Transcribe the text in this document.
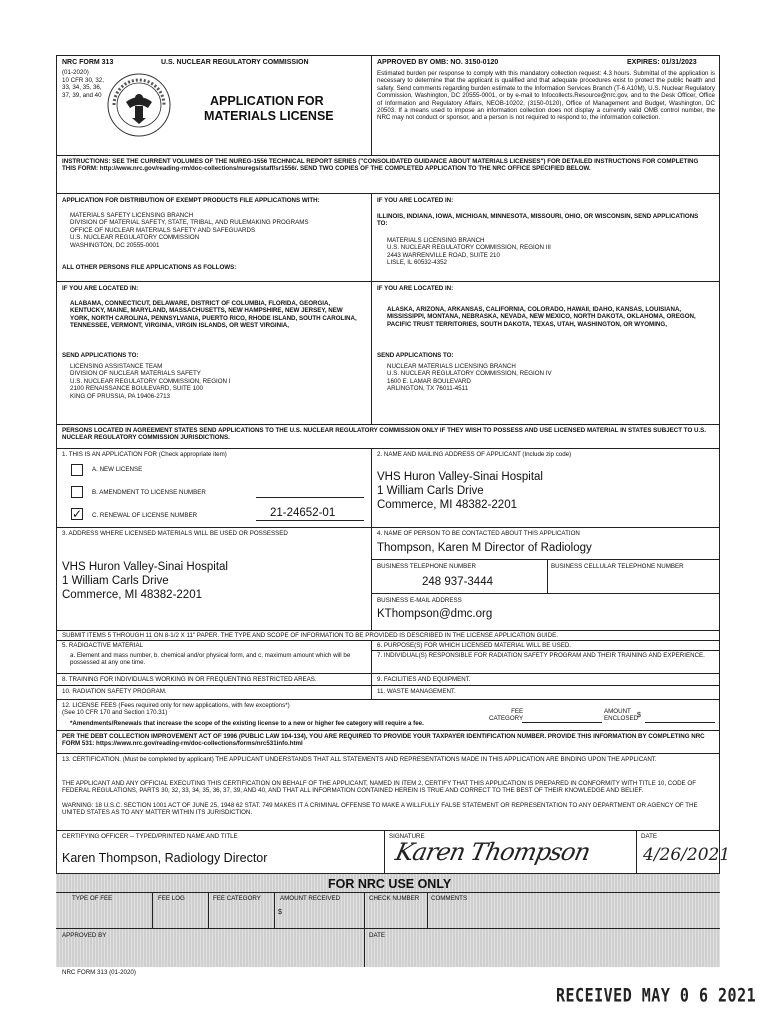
NRC FORM 313	U.S. NUCLEAR REGULATORY COMMISSION
(01-2020)
10 CFR 30, 32,
33, 34, 35, 36,
37, 39, and 40	APPLICATION FOR
MATERIALS LICENSE
APPROVED BY OMB: NO. 3150-0120	EXPIRES: 01/31/2023
Estimated burden per response to comply with this mandatory collection request: 4.3 hours. Submittal of the application is necessary to determine that the applicant is qualified and that adequate procedures exist to protect the public health and safety. Send comments regarding burden estimate to the Information Services Branch (T-6 A10M), U.S. Nuclear Regulatory Commission, Washington, DC 20555-0001, or by e-mail to Infocollects.Resource@nrc.gov, and to the Desk Officer, Office of Information and Regulatory Affairs, NEOB-10202, (3150-0120), Office of Management and Budget, Washington, DC 20503. If a means used to impose an information collection does not display a currently valid OMB control number, the NRC may not conduct or sponsor, and a person is not required to respond to, the information collection.
INSTRUCTIONS: SEE THE CURRENT VOLUMES OF THE NUREG-1556 TECHNICAL REPORT SERIES ("CONSOLIDATED GUIDANCE ABOUT MATERIALS LICENSES") FOR DETAILED INSTRUCTIONS FOR COMPLETING THIS FORM: http://www.nrc.gov/reading-rm/doc-collections/nuregs/staff/sr1556/. SEND TWO COPIES OF THE COMPLETED APPLICATION TO THE NRC OFFICE SPECIFIED BELOW.
APPLICATION FOR DISTRIBUTION OF EXEMPT PRODUCTS FILE APPLICATIONS WITH:
MATERIALS SAFETY LICENSING BRANCH
DIVISION OF MATERIAL SAFETY, STATE, TRIBAL, AND RULEMAKING PROGRAMS
OFFICE OF NUCLEAR MATERIALS SAFETY AND SAFEGUARDS
U.S. NUCLEAR REGULATORY COMMISSION
WASHINGTON, DC 20555-0001
ALL OTHER PERSONS FILE APPLICATIONS AS FOLLOWS:
IF YOU ARE LOCATED IN:
ILLINOIS, INDIANA, IOWA, MICHIGAN, MINNESOTA, MISSOURI, OHIO, OR WISCONSIN, SEND APPLICATIONS TO:
MATERIALS LICENSING BRANCH
U.S. NUCLEAR REGULATORY COMMISSION, REGION III
2443 WARRENVILLE ROAD, SUITE 210
LISLE, IL 60532-4352
IF YOU ARE LOCATED IN:
ALABAMA, CONNECTICUT, DELAWARE, DISTRICT OF COLUMBIA, FLORIDA, GEORGIA, KENTUCKY, MAINE, MARYLAND, MASSACHUSETTS, NEW HAMPSHIRE, NEW JERSEY, NEW YORK, NORTH CAROLINA, PENNSYLVANIA, PUERTO RICO, RHODE ISLAND, SOUTH CAROLINA, TENNESSEE, VERMONT, VIRGINIA, VIRGIN ISLANDS, OR WEST VIRGINIA,
SEND APPLICATIONS TO:
LICENSING ASSISTANCE TEAM
DIVISION OF NUCLEAR MATERIALS SAFETY
U.S. NUCLEAR REGULATORY COMMISSION, REGION I
2100 RENAISSANCE BOULEVARD, SUITE 100
KING OF PRUSSIA, PA 19406-2713
IF YOU ARE LOCATED IN:
ALASKA, ARIZONA, ARKANSAS, CALIFORNIA, COLORADO, HAWAII, IDAHO, KANSAS, LOUISIANA, MISSISSIPPI, MONTANA, NEBRASKA, NEVADA, NEW MEXICO, NORTH DAKOTA, OKLAHOMA, OREGON, PACIFIC TRUST TERRITORIES, SOUTH DAKOTA, TEXAS, UTAH, WASHINGTON, OR WYOMING,
SEND APPLICATIONS TO:
NUCLEAR MATERIALS LICENSING BRANCH
U.S. NUCLEAR REGULATORY COMMISSION, REGION IV
1600 E. LAMAR BOULEVARD
ARLINGTON, TX 76011-4511
PERSONS LOCATED IN AGREEMENT STATES SEND APPLICATIONS TO THE U.S. NUCLEAR REGULATORY COMMISSION ONLY IF THEY WISH TO POSSESS AND USE LICENSED MATERIAL IN STATES SUBJECT TO U.S. NUCLEAR REGULATORY COMMISSION JURISDICTIONS.
1. THIS IS AN APPLICATION FOR (Check appropriate item)
A. NEW LICENSE
B. AMENDMENT TO LICENSE NUMBER
✓ C. RENEWAL OF LICENSE NUMBER	21-24652-01
2. NAME AND MAILING ADDRESS OF APPLICANT (Include zip code)
VHS Huron Valley-Sinai Hospital
1 William Carls Drive
Commerce, MI 48382-2201
3. ADDRESS WHERE LICENSED MATERIALS WILL BE USED OR POSSESSED
VHS Huron Valley-Sinai Hospital
1 William Carls Drive
Commerce, MI 48382-2201
4. NAME OF PERSON TO BE CONTACTED ABOUT THIS APPLICATION
Thompson, Karen M Director of Radiology
BUSINESS TELEPHONE NUMBER
248 937-3444
BUSINESS CELLULAR TELEPHONE NUMBER
BUSINESS E-MAIL ADDRESS
KThompson@dmc.org
SUBMIT ITEMS 5 THROUGH 11 ON 8-1/2 X 11" PAPER. THE TYPE AND SCOPE OF INFORMATION TO BE PROVIDED IS DESCRIBED IN THE LICENSE APPLICATION GUIDE.
5. RADIOACTIVE MATERIAL
a. Element and mass number, b. chemical and/or physical form, and c. maximum amount which will be possessed at any one time.
6. PURPOSE(S) FOR WHICH LICENSED MATERIAL WILL BE USED.
7. INDIVIDUAL(S) RESPONSIBLE FOR RADIATION SAFETY PROGRAM AND THEIR TRAINING AND EXPERIENCE.
8. TRAINING FOR INDIVIDUALS WORKING IN OR FREQUENTING RESTRICTED AREAS.	9. FACILITIES AND EQUIPMENT.
10. RADIATION SAFETY PROGRAM.	11. WASTE MANAGEMENT.
12. LICENSE FEES (Fees required only for new applications, with few exceptions*)
(See 10 CFR 170 and Section 170.31)
*Amendments/Renewals that increase the scope of the existing license to a new or higher fee category will require a fee.
FEE
CATEGORY
AMOUNT
ENCLOSED
$
PER THE DEBT COLLECTION IMPROVEMENT ACT OF 1996 (PUBLIC LAW 104-134), YOU ARE REQUIRED TO PROVIDE YOUR TAXPAYER IDENTIFICATION NUMBER. PROVIDE THIS INFORMATION BY COMPLETING NRC FORM 531: https://www.nrc.gov/reading-rm/doc-collections/forms/nrc531info.html
13. CERTIFICATION. (Must be completed by applicant) THE APPLICANT UNDERSTANDS THAT ALL STATEMENTS AND REPRESENTATIONS MADE IN THIS APPLICATION ARE BINDING UPON THE APPLICANT.
THE APPLICANT AND ANY OFFICIAL EXECUTING THIS CERTIFICATION ON BEHALF OF THE APPLICANT, NAMED IN ITEM 2, CERTIFY THAT THIS APPLICATION IS PREPARED IN CONFORMITY WITH TITLE 10, CODE OF FEDERAL REGULATIONS, PARTS 30, 32, 33, 34, 35, 36, 37, 39, AND 40, AND THAT ALL INFORMATION CONTAINED HEREIN IS TRUE AND CORRECT TO THE BEST OF THEIR KNOWLEDGE AND BELIEF.
WARNING: 18 U.S.C. SECTION 1001 ACT OF JUNE 25, 1948 62 STAT. 749 MAKES IT A CRIMINAL OFFENSE TO MAKE A WILLFULLY FALSE STATEMENT OR REPRESENTATION TO ANY DEPARTMENT OR AGENCY OF THE UNITED STATES AS TO ANY MATTER WITHIN ITS JURISDICTION.
CERTIFYING OFFICER -- TYPED/PRINTED NAME AND TITLE
Karen Thompson, Radiology Director
SIGNATURE
Karen Thompson
DATE
4/26/2021
FOR NRC USE ONLY
TYPE OF FEE	FEE LOG	FEE CATEGORY	AMOUNT RECEIVED	CHECK NUMBER COMMENTS
$
APPROVED BY	DATE
NRC FORM 313 (01-2020)
RECEIVED MAY 0 6 2021
